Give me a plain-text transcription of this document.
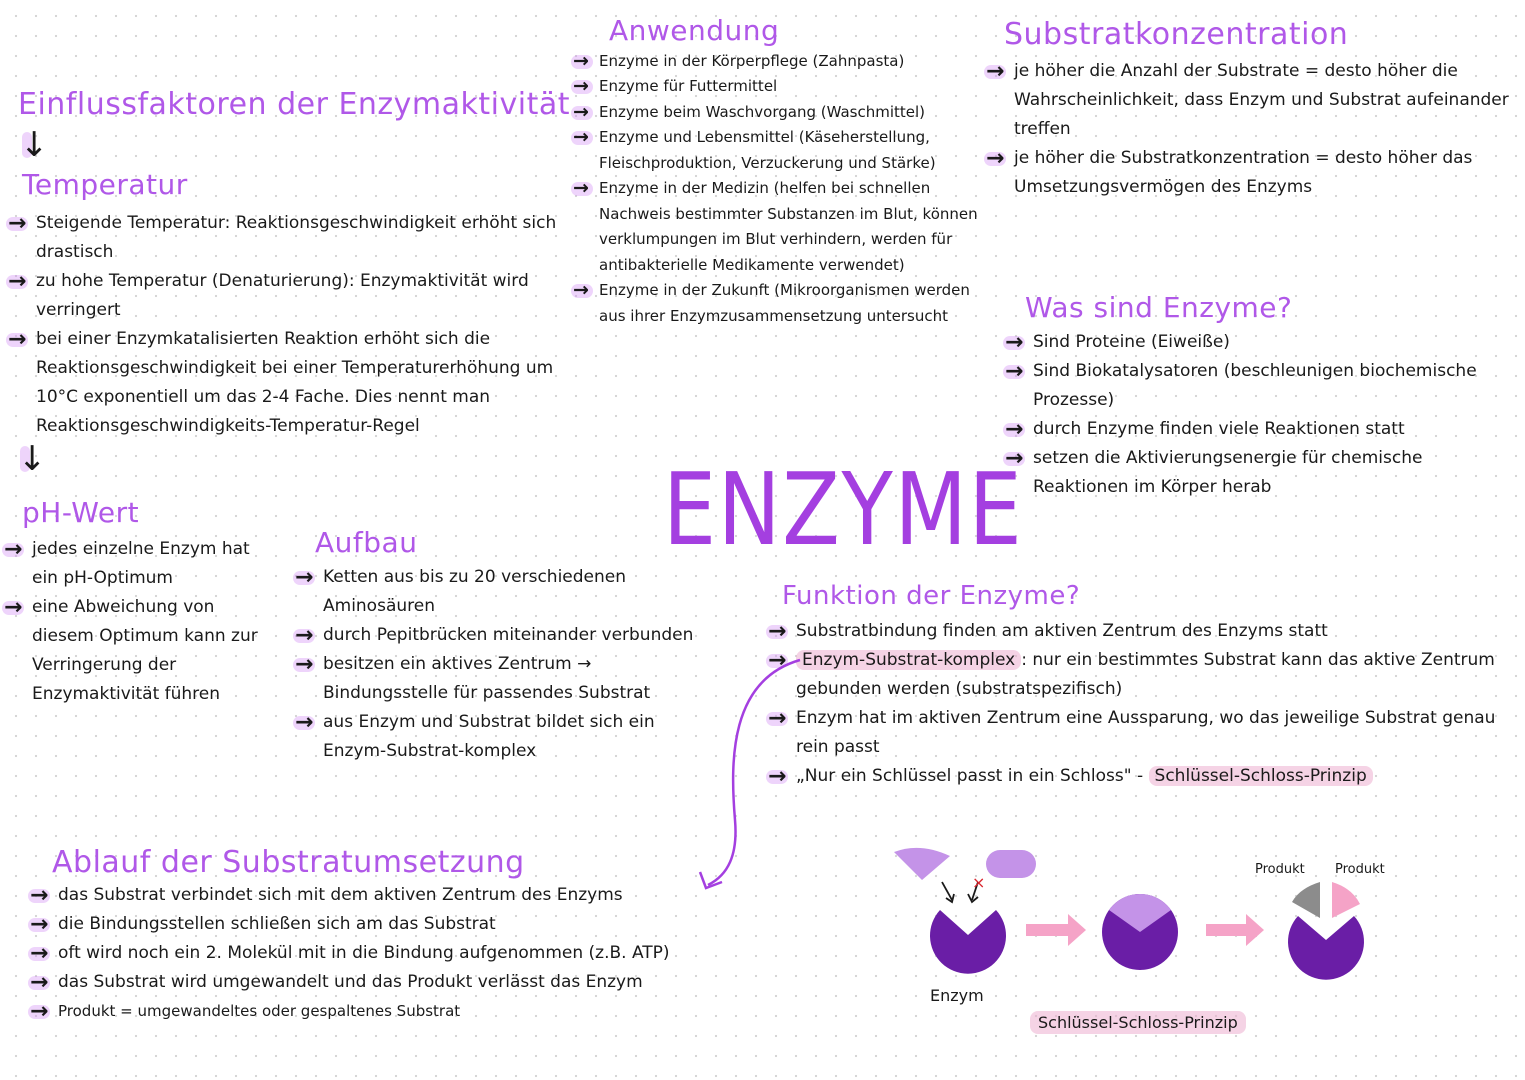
Einflussfaktoren der Enzymaktivität
↓
Temperatur
→ Steigende Temperatur: Reaktionsgeschwindigkeit erhöht sich drastisch
→ zu hohe Temperatur (Denaturierung): Enzymaktivität wird verringert
→ bei einer Enzymkatalisierten Reaktion erhöht sich die Reaktionsgeschwindigkeit bei einer Temperaturerhöhung um 10°C exponentiell um das 2-4 Fache. Dies nennt man Reaktionsgeschwindigkeits-Temperatur-Regel
↓
pH-Wert
→ jedes einzelne Enzym hat ein pH-Optimum
→ eine Abweichung von diesem Optimum kann zur Verringerung der Enzymaktivität führen
Aufbau
→ Ketten aus bis zu 20 verschiedenen Aminosäuren
→ durch Pepitbrücken miteinander verbunden
→ besitzen ein aktives Zentrum → Bindungsstelle für passendes Substrat
→ aus Enzym und Substrat bildet sich ein Enzym-Substrat-komplex
Anwendung
→ Enzyme in der Körperpflege (Zahnpasta)
→ Enzyme für Futtermittel
→ Enzyme beim Waschvorgang (Waschmittel)
→ Enzyme und Lebensmittel (Käseherstellung, Fleischproduktion, Verzuckerung und Stärke)
→ Enzyme in der Medizin (helfen bei schnellen Nachweis bestimmter Substanzen im Blut, können verklumpungen im Blut verhindern, werden für antibakterielle Medikamente verwendet)
→ Enzyme in der Zukunft (Mikroorganismen werden aus ihrer Enzymzusammensetzung untersucht
Substratkonzentration
→ je höher die Anzahl der Substrate = desto höher die Wahrscheinlichkeit, dass Enzym und Substrat aufeinander treffen
→ je höher die Substratkonzentration = desto höher das Umsetzungsvermögen des Enzyms
Was sind Enzyme?
→ Sind Proteine (Eiweiße)
→ Sind Biokatalysatoren (beschleunigen biochemische Prozesse)
→ durch Enzyme finden viele Reaktionen statt
→ setzen die Aktivierungsenergie für chemische Reaktionen im Körper herab
ENZYME
Funktion der Enzyme?
→ Substratbindung finden am aktiven Zentrum des Enzyms statt
→ Enzym-Substrat-komplex : nur ein bestimmtes Substrat kann das aktive Zentrum gebunden werden (substratspezifisch)
→ Enzym hat im aktiven Zentrum eine Aussparung, wo das jeweilige Substrat genau rein passt
→ „Nur ein Schlüssel passt in ein Schloss" - Schlüssel-Schloss-Prinzip
Ablauf der Substratumsetzung
→ das Substrat verbindet sich mit dem aktiven Zentrum des Enzyms
→ die Bindungsstellen schließen sich am das Substrat
→ oft wird noch ein 2. Molekül mit in die Bindung aufgenommen (z.B. ATP)
→ das Substrat wird umgewandelt und das Produkt verlässt das Enzym
→ Produkt = umgewandeltes oder gespaltenes Substrat
×
Produkt Produkt
Enzym
Schlüssel-Schloss-Prinzip
